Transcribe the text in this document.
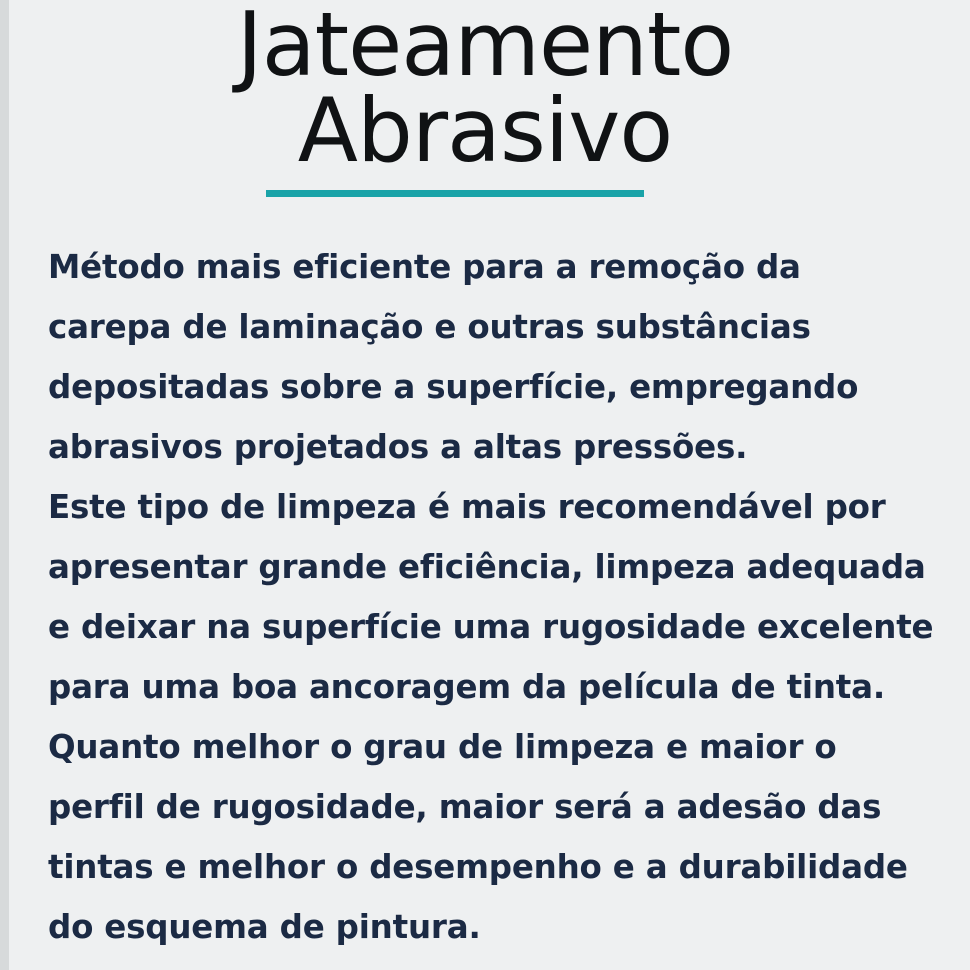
Jateamento
Abrasivo

Método mais eficiente para a remoção da carepa de laminação e outras substâncias depositadas sobre a superfície, empregando abrasivos projetados a altas pressões.

Este tipo de limpeza é mais recomendável por apresentar grande eficiência, limpeza adequada e deixar na superfície uma rugosidade excelente para uma boa ancoragem da película de tinta.

Quanto melhor o grau de limpeza e maior o perfil de rugosidade, maior será a adesão das tintas e melhor o desempenho e a durabilidade do esquema de pintura.
